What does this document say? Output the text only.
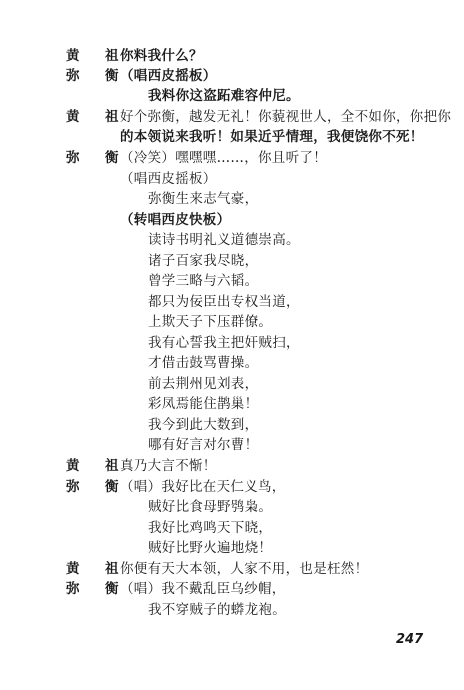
黄　祖
你料我什么？
弥　衡
（唱西皮摇板）
我料你这盗跖难容仲尼。
黄　祖
好个弥衡，越发无礼！你藐视世人，全不如你，你把你
的本领说来我听！如果近乎情理，我便饶你不死！
弥　衡
（冷笑）嘿嘿嘿……，你且听了！
（唱西皮摇板）
弥衡生来志气豪，
（转唱西皮快板）
读诗书明礼义道德崇高。
诸子百家我尽晓，
曾学三略与六韬。
都只为佞臣出专权当道，
上欺天子下压群僚。
我有心誓我主把奸贼扫，
才借击鼓骂曹操。
前去荆州见刘表，
彩凤焉能住鹊巢！
我今到此大数到，
哪有好言对尔曹！
黄　祖
真乃大言不惭！
弥　衡
（唱）我好比在天仁义鸟，
贼好比食母野鸮枭。
我好比鸡鸣天下晓，
贼好比野火遍地烧！
黄　祖
你便有天大本领，人家不用，也是枉然！
弥　衡
（唱）我不戴乱臣乌纱帽，
我不穿贼子的蟒龙袍。
247
